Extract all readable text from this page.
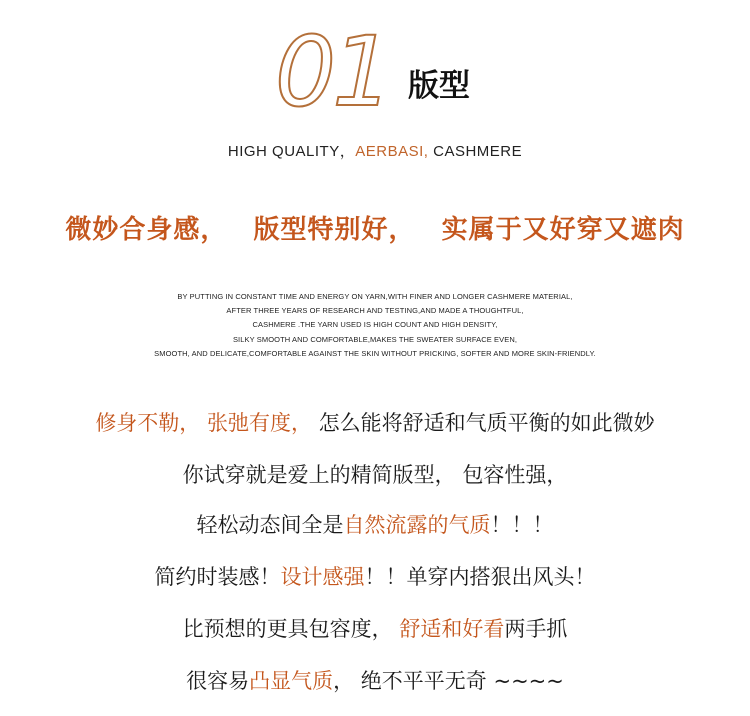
01 版型
HIGH QUALITY，AERBASI, CASHMERE
微妙合身感， 版型特别好， 实属于又好穿又遮肉
BY PUTTING IN CONSTANT TIME AND ENERGY ON YARN,WITH FINER AND LONGER CASHMERE MATERIAL,
AFTER THREE YEARS OF RESEARCH AND TESTING,AND MADE A THOUGHTFUL,
CASHMERE .THE YARN USED IS HIGH COUNT AND HIGH DENSITY,
SILKY SMOOTH AND COMFORTABLE,MAKES THE SWEATER SURFACE EVEN,
SMOOTH, AND DELICATE,COMFORTABLE AGAINST THE SKIN WITHOUT PRICKING, SOFTER AND MORE SKIN-FRIENDLY.
修身不勒， 张弛有度， 怎么能将舒适和气质平衡的如此微妙
你试穿就是爱上的精简版型， 包容性强，
轻松动态间全是自然流露的气质！！！
简约时装感！设计感强！！单穿内搭狠出风头！
比预想的更具包容度， 舒适和好看两手抓
很容易凸显气质， 绝不平平无奇 ~~~~
